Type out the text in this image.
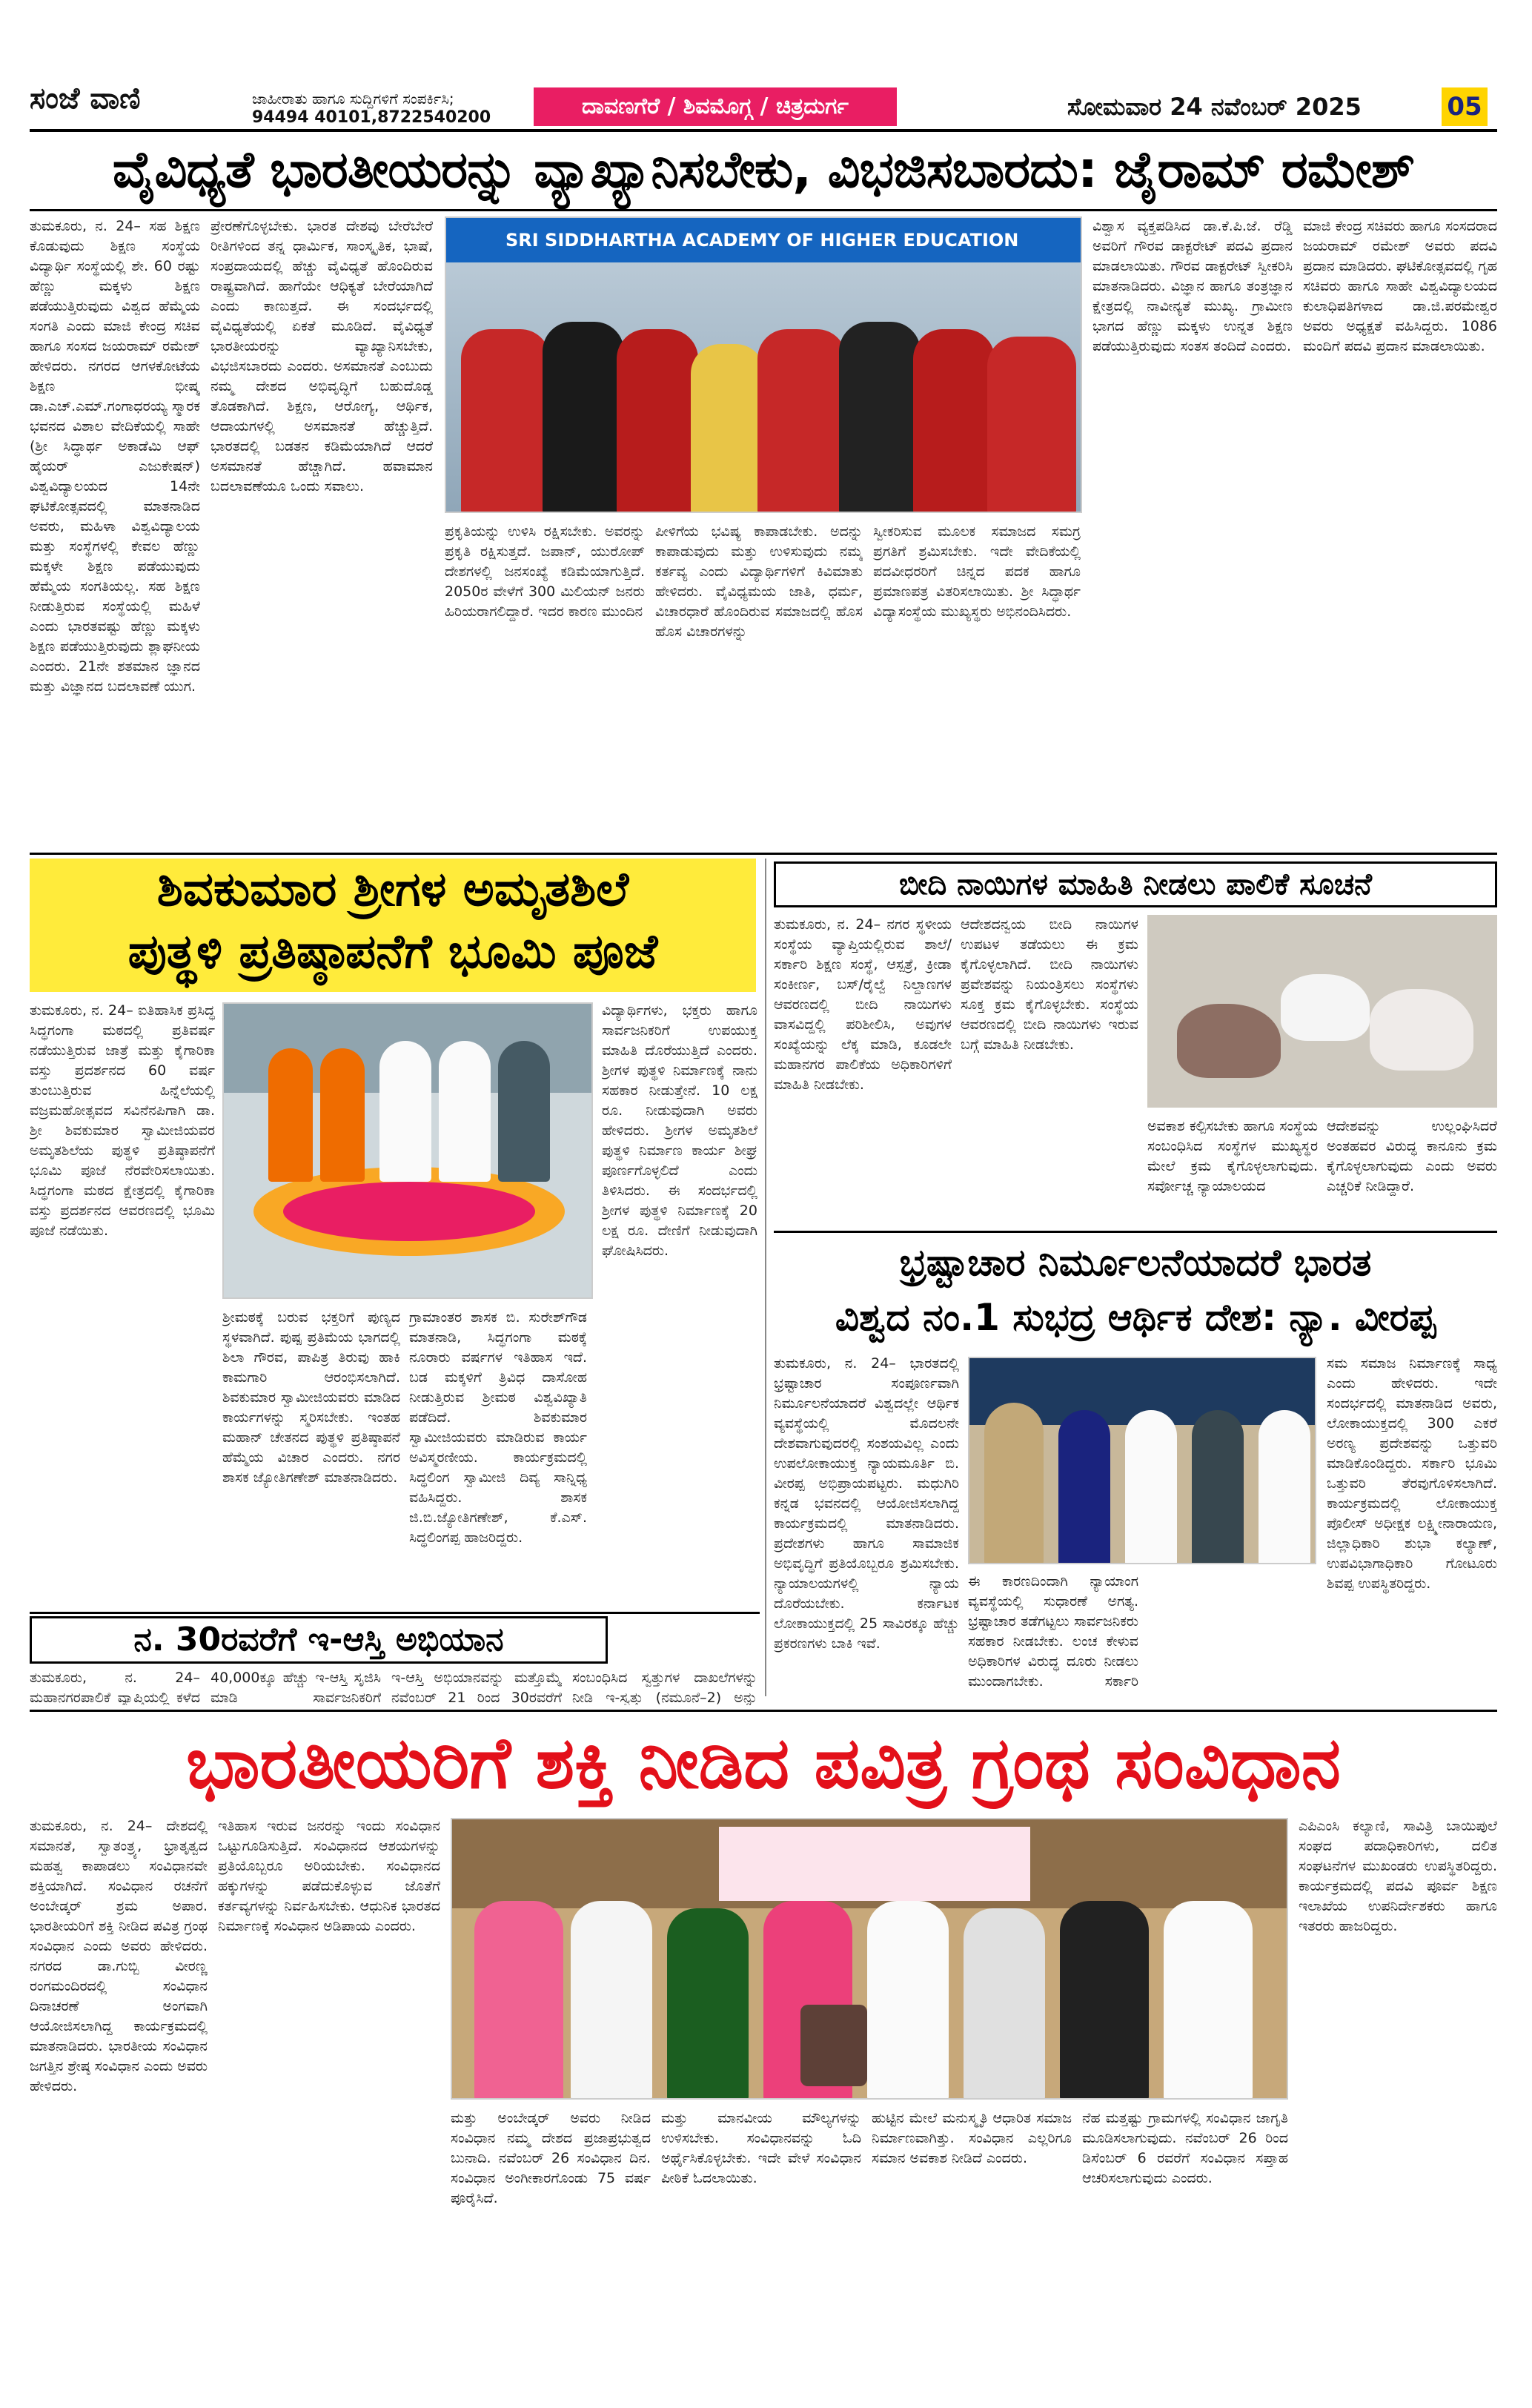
ಸಂಜೆ ವಾಣಿ	ಜಾಹೀರಾತು ಹಾಗೂ ಸುದ್ದಿಗಳಿಗೆ ಸಂಪರ್ಕಿಸಿ;
94494 40101,8722540200	ದಾವಣಗೆರೆ / ಶಿವಮೊಗ್ಗ / ಚಿತ್ರದುರ್ಗ	ಸೋಮವಾರ 24 ನವೆಂಬರ್ 2025	05
ವೈವಿಧ್ಯತೆ ಭಾರತೀಯರನ್ನು ವ್ಯಾಖ್ಯಾನಿಸಬೇಕು, ವಿಭಜಿಸಬಾರದು: ಜೈರಾಮ್ ರಮೇಶ್
ತುಮಕೂರು, ನ. 24– ಸಹ ಶಿಕ್ಷಣ ಕೊಡುವುದು ಶಿಕ್ಷಣ ಸಂಸ್ಥೆಯ ವಿದ್ಯಾರ್ಥಿ ಸಂಸ್ಥೆಯಲ್ಲಿ ಶೇ. 60 ರಷ್ಟು ಹೆಣ್ಣು ಮಕ್ಕಳು ಶಿಕ್ಷಣ ಪಡೆಯುತ್ತಿರುವುದು ವಿಶ್ವದ ಹೆಮ್ಮೆಯ ಸಂಗತಿ ಎಂದು ಮಾಜಿ ಕೇಂದ್ರ ಸಚಿವ ಹಾಗೂ ಸಂಸದ ಜಯರಾಮ್ ರಮೇಶ್ ಹೇಳಿದರು. ನಗರದ ಆಗಳಕೋಟೆಯ ಶಿಕ್ಷಣ ಭೀಷ್ಮ ಡಾ.ಎಚ್.ಎಮ್.ಗಂಗಾಧರಯ್ಯ ಸ್ಮಾರಕ ಭವನದ ವಿಶಾಲ ವೇದಿಕೆಯಲ್ಲಿ ಸಾಹೇ (ಶ್ರೀ ಸಿದ್ಧಾರ್ಥ ಅಕಾಡೆಮಿ ಆಫ್ ಹೈಯರ್ ಎಜುಕೇಷನ್) ವಿಶ್ವವಿದ್ಯಾಲಯದ 14ನೇ ಘಟಿಕೋತ್ಸವದಲ್ಲಿ ಮಾತನಾಡಿದ ಅವರು, ಮಹಿಳಾ ವಿಶ್ವವಿದ್ಯಾಲಯ ಮತ್ತು ಸಂಸ್ಥೆಗಳಲ್ಲಿ ಕೇವಲ ಹೆಣ್ಣು ಮಕ್ಕಳೇ ಶಿಕ್ಷಣ ಪಡೆಯುವುದು ಹೆಮ್ಮೆಯ ಸಂಗತಿಯಲ್ಲ. ಸಹ ಶಿಕ್ಷಣ ನೀಡುತ್ತಿರುವ ಸಂಸ್ಥೆಯಲ್ಲಿ ಮಹಿಳೆ ಎಂದು ಭಾರತವಷ್ಟು ಹೆಣ್ಣು ಮಕ್ಕಳು ಶಿಕ್ಷಣ ಪಡೆಯುತ್ತಿರುವುದು ಶ್ಲಾಘನೀಯ ಎಂದರು. 21ನೇ ಶತಮಾನ ಜ್ಞಾನದ ಮತ್ತು ವಿಜ್ಞಾನದ ಬದಲಾವಣೆ ಯುಗ.
ಪ್ರೇರಣೆಗೊಳ್ಳಬೇಕು. ಭಾರತ ದೇಶವು ಬೇರೆಬೇರೆ ರೀತಿಗಳಿಂದ ತನ್ನ ಧಾರ್ಮಿಕ, ಸಾಂಸ್ಕೃತಿಕ, ಭಾಷೆ, ಸಂಪ್ರದಾಯದಲ್ಲಿ ಹೆಚ್ಚು ವೈವಿಧ್ಯತೆ ಹೊಂದಿರುವ ರಾಷ್ಟ್ರವಾಗಿದೆ. ಹಾಗೆಯೇ ಆಧಿಕ್ಯತೆ ಬೇರೆಯಾಗಿದೆ ಎಂದು ಕಾಣುತ್ತದೆ. ಈ ಸಂದರ್ಭದಲ್ಲಿ ವೈವಿಧ್ಯತೆಯಲ್ಲಿ ಏಕತೆ ಮೂಡಿದೆ. ವೈವಿಧ್ಯತೆ ಭಾರತೀಯರನ್ನು ವ್ಯಾಖ್ಯಾನಿಸಬೇಕು, ವಿಭಜಿಸಬಾರದು ಎಂದರು. ಅಸಮಾನತೆ ಎಂಬುದು ನಮ್ಮ ದೇಶದ ಅಭಿವೃದ್ಧಿಗೆ ಬಹುದೊಡ್ಡ ತೊಡಕಾಗಿದೆ. ಶಿಕ್ಷಣ, ಆರೋಗ್ಯ, ಆರ್ಥಿಕ, ಆದಾಯಗಳಲ್ಲಿ ಅಸಮಾನತೆ ಹೆಚ್ಚುತ್ತಿದೆ. ಭಾರತದಲ್ಲಿ ಬಡತನ ಕಡಿಮೆಯಾಗಿದೆ ಆದರೆ ಅಸಮಾನತೆ ಹೆಚ್ಚಾಗಿದೆ. ಹವಾಮಾನ ಬದಲಾವಣೆಯೂ ಒಂದು ಸವಾಲು.
SRI SIDDHARTHA ACADEMY OF HIGHER EDUCATION
ಪ್ರಕೃತಿಯನ್ನು ಉಳಿಸಿ ರಕ್ಷಿಸಬೇಕು. ಅವರನ್ನು ಪ್ರಕೃತಿ ರಕ್ಷಿಸುತ್ತದೆ. ಜಪಾನ್, ಯುರೋಪ್ ದೇಶಗಳಲ್ಲಿ ಜನಸಂಖ್ಯೆ ಕಡಿಮೆಯಾಗುತ್ತಿದೆ. 2050ರ ವೇಳೆಗೆ 300 ಮಿಲಿಯನ್ ಜನರು ಹಿರಿಯರಾಗಲಿದ್ದಾರೆ. ಇದರ ಕಾರಣ ಮುಂದಿನ
ಪೀಳಿಗೆಯ ಭವಿಷ್ಯ ಕಾಪಾಡಬೇಕು. ಅದನ್ನು ಕಾಪಾಡುವುದು ಮತ್ತು ಉಳಿಸುವುದು ನಮ್ಮ ಕರ್ತವ್ಯ ಎಂದು ವಿದ್ಯಾರ್ಥಿಗಳಿಗೆ ಕಿವಿಮಾತು ಹೇಳಿದರು. ವೈವಿಧ್ಯಮಯ ಜಾತಿ, ಧರ್ಮ, ವಿಚಾರಧಾರೆ ಹೊಂದಿರುವ ಸಮಾಜದಲ್ಲಿ ಹೊಸ ಹೊಸ ವಿಚಾರಗಳನ್ನು
ಸ್ವೀಕರಿಸುವ ಮೂಲಕ ಸಮಾಜದ ಸಮಗ್ರ ಪ್ರಗತಿಗೆ ಶ್ರಮಿಸಬೇಕು. ಇದೇ ವೇದಿಕೆಯಲ್ಲಿ ಪದವೀಧರರಿಗೆ ಚಿನ್ನದ ಪದಕ ಹಾಗೂ ಪ್ರಮಾಣಪತ್ರ ವಿತರಿಸಲಾಯಿತು. ಶ್ರೀ ಸಿದ್ಧಾರ್ಥ ವಿದ್ಯಾಸಂಸ್ಥೆಯ ಮುಖ್ಯಸ್ಥರು ಅಭಿನಂದಿಸಿದರು.
ವಿಶ್ವಾಸ ವ್ಯಕ್ತಪಡಿಸಿದ ಡಾ.ಕೆ.ಪಿ.ಜೆ. ರೆಡ್ಡಿ ಅವರಿಗೆ ಗೌರವ ಡಾಕ್ಟರೇಟ್ ಪದವಿ ಪ್ರದಾನ ಮಾಡಲಾಯಿತು. ಗೌರವ ಡಾಕ್ಟರೇಟ್ ಸ್ವೀಕರಿಸಿ ಮಾತನಾಡಿದರು. ವಿಜ್ಞಾನ ಹಾಗೂ ತಂತ್ರಜ್ಞಾನ ಕ್ಷೇತ್ರದಲ್ಲಿ ನಾವೀನ್ಯತೆ ಮುಖ್ಯ. ಗ್ರಾಮೀಣ ಭಾಗದ ಹೆಣ್ಣು ಮಕ್ಕಳು ಉನ್ನತ ಶಿಕ್ಷಣ ಪಡೆಯುತ್ತಿರುವುದು ಸಂತಸ ತಂದಿದೆ ಎಂದರು.
ಮಾಜಿ ಕೇಂದ್ರ ಸಚಿವರು ಹಾಗೂ ಸಂಸದರಾದ ಜಯರಾಮ್ ರಮೇಶ್ ಅವರು ಪದವಿ ಪ್ರದಾನ ಮಾಡಿದರು. ಘಟಿಕೋತ್ಸವದಲ್ಲಿ ಗೃಹ ಸಚಿವರು ಹಾಗೂ ಸಾಹೇ ವಿಶ್ವವಿದ್ಯಾಲಯದ ಕುಲಾಧಿಪತಿಗಳಾದ ಡಾ.ಜಿ.ಪರಮೇಶ್ವರ ಅವರು ಅಧ್ಯಕ್ಷತೆ ವಹಿಸಿದ್ದರು. 1086 ಮಂದಿಗೆ ಪದವಿ ಪ್ರದಾನ ಮಾಡಲಾಯಿತು.
ಶಿವಕುಮಾರ ಶ್ರೀಗಳ ಅಮೃತಶಿಲೆ
ಪುತ್ಥಳಿ ಪ್ರತಿಷ್ಠಾಪನೆಗೆ ಭೂಮಿ ಪೂಜೆ
ತುಮಕೂರು, ನ. 24– ಐತಿಹಾಸಿಕ ಪ್ರಸಿದ್ಧ ಸಿದ್ಧಗಂಗಾ ಮಠದಲ್ಲಿ ಪ್ರತಿವರ್ಷ ನಡೆಯುತ್ತಿರುವ ಜಾತ್ರೆ ಮತ್ತು ಕೈಗಾರಿಕಾ ವಸ್ತು ಪ್ರದರ್ಶನದ 60 ವರ್ಷ ತುಂಬುತ್ತಿರುವ ಹಿನ್ನೆಲೆಯಲ್ಲಿ ವಜ್ರಮಹೋತ್ಸವದ ಸವಿನೆನಪಿಗಾಗಿ ಡಾ. ಶ್ರೀ ಶಿವಕುಮಾರ ಸ್ವಾಮೀಜಿಯವರ ಅಮೃತಶಿಲೆಯ ಪುತ್ಥಳಿ ಪ್ರತಿಷ್ಠಾಪನೆಗೆ ಭೂಮಿ ಪೂಜೆ ನೆರವೇರಿಸಲಾಯಿತು. ಸಿದ್ಧಗಂಗಾ ಮಠದ ಕ್ಷೇತ್ರದಲ್ಲಿ ಕೈಗಾರಿಕಾ ವಸ್ತು ಪ್ರದರ್ಶನದ ಆವರಣದಲ್ಲಿ ಭೂಮಿ ಪೂಜೆ ನಡೆಯಿತು.
ವಿದ್ಯಾರ್ಥಿಗಳು, ಭಕ್ತರು ಹಾಗೂ ಸಾರ್ವಜನಿಕರಿಗೆ ಉಪಯುಕ್ತ ಮಾಹಿತಿ ದೊರೆಯುತ್ತಿದೆ ಎಂದರು. ಶ್ರೀಗಳ ಪುತ್ಥಳಿ ನಿರ್ಮಾಣಕ್ಕೆ ನಾನು ಸಹಕಾರ ನೀಡುತ್ತೇನೆ. 10 ಲಕ್ಷ ರೂ. ನೀಡುವುದಾಗಿ ಅವರು ಹೇಳಿದರು. ಶ್ರೀಗಳ ಅಮೃತಶಿಲೆ ಪುತ್ಥಳಿ ನಿರ್ಮಾಣ ಕಾರ್ಯ ಶೀಘ್ರ ಪೂರ್ಣಗೊಳ್ಳಲಿದೆ ಎಂದು ತಿಳಿಸಿದರು. ಈ ಸಂದರ್ಭದಲ್ಲಿ ಶ್ರೀಗಳ ಪುತ್ಥಳಿ ನಿರ್ಮಾಣಕ್ಕೆ 20 ಲಕ್ಷ ರೂ. ದೇಣಿಗೆ ನೀಡುವುದಾಗಿ ಘೋಷಿಸಿದರು.
ಶ್ರೀಮಠಕ್ಕೆ ಬರುವ ಭಕ್ತರಿಗೆ ಪುಣ್ಯದ ಸ್ಥಳವಾಗಿದೆ. ಪುಷ್ಪ ಪ್ರತಿಮೆಯ ಭಾಗದಲ್ಲಿ ಶಿಲಾ ಗೌರವ, ಪಾಪಿತ್ರ ತಿರುವು ಹಾಕಿ ಕಾಮಗಾರಿ ಆರಂಭಿಸಲಾಗಿದೆ. ಶಿವಕುಮಾರ ಸ್ವಾಮೀಜಿಯವರು ಮಾಡಿದ ಕಾರ್ಯಗಳನ್ನು ಸ್ಮರಿಸಬೇಕು. ಇಂತಹ ಮಹಾನ್ ಚೇತನದ ಪುತ್ಥಳಿ ಪ್ರತಿಷ್ಠಾಪನೆ ಹೆಮ್ಮೆಯ ವಿಚಾರ ಎಂದರು. ನಗರ ಶಾಸಕ ಜ್ಯೋತಿಗಣೇಶ್ ಮಾತನಾಡಿದರು.
ಗ್ರಾಮಾಂತರ ಶಾಸಕ ಬಿ. ಸುರೇಶ್‌ಗೌಡ ಮಾತನಾಡಿ, ಸಿದ್ಧಗಂಗಾ ಮಠಕ್ಕೆ ನೂರಾರು ವರ್ಷಗಳ ಇತಿಹಾಸ ಇದೆ. ಬಡ ಮಕ್ಕಳಿಗೆ ತ್ರಿವಿಧ ದಾಸೋಹ ನೀಡುತ್ತಿರುವ ಶ್ರೀಮಠ ವಿಶ್ವವಿಖ್ಯಾತಿ ಪಡೆದಿದೆ. ಶಿವಕುಮಾರ ಸ್ವಾಮೀಜಿಯವರು ಮಾಡಿರುವ ಕಾರ್ಯ ಅವಿಸ್ಮರಣೀಯ. ಕಾರ್ಯಕ್ರಮದಲ್ಲಿ ಸಿದ್ಧಲಿಂಗ ಸ್ವಾಮೀಜಿ ದಿವ್ಯ ಸಾನ್ನಿಧ್ಯ ವಹಿಸಿದ್ದರು. ಶಾಸಕ ಜಿ.ಬಿ.ಜ್ಯೋತಿಗಣೇಶ್, ಕೆ.ಎಸ್. ಸಿದ್ಧಲಿಂಗಪ್ಪ ಹಾಜರಿದ್ದರು.
ಬೀದಿ ನಾಯಿಗಳ ಮಾಹಿತಿ ನೀಡಲು ಪಾಲಿಕೆ ಸೂಚನೆ
ತುಮಕೂರು, ನ. 24– ನಗರ ಸ್ಥಳೀಯ ಸಂಸ್ಥೆಯ ವ್ಯಾಪ್ತಿಯಲ್ಲಿರುವ ಶಾಲೆ/ಸರ್ಕಾರಿ ಶಿಕ್ಷಣ ಸಂಸ್ಥೆ, ಆಸ್ಪತ್ರೆ, ಕ್ರೀಡಾ ಸಂಕೀರ್ಣ, ಬಸ್/ರೈಲ್ವೆ ನಿಲ್ದಾಣಗಳ ಆವರಣದಲ್ಲಿ ಬೀದಿ ನಾಯಿಗಳು ವಾಸವಿದ್ದಲ್ಲಿ ಪರಿಶೀಲಿಸಿ, ಅವುಗಳ ಸಂಖ್ಯೆಯನ್ನು ಲೆಕ್ಕ ಮಾಡಿ, ಕೂಡಲೇ ಮಹಾನಗರ ಪಾಲಿಕೆಯ ಅಧಿಕಾರಿಗಳಿಗೆ ಮಾಹಿತಿ ನೀಡಬೇಕು.
ಆದೇಶದನ್ವಯ ಬೀದಿ ನಾಯಿಗಳ ಉಪಟಳ ತಡೆಯಲು ಈ ಕ್ರಮ ಕೈಗೊಳ್ಳಲಾಗಿದೆ. ಬೀದಿ ನಾಯಿಗಳು ಪ್ರವೇಶವನ್ನು ನಿಯಂತ್ರಿಸಲು ಸಂಸ್ಥೆಗಳು ಸೂಕ್ತ ಕ್ರಮ ಕೈಗೊಳ್ಳಬೇಕು. ಸಂಸ್ಥೆಯ ಆವರಣದಲ್ಲಿ ಬೀದಿ ನಾಯಿಗಳು ಇರುವ ಬಗ್ಗೆ ಮಾಹಿತಿ ನೀಡಬೇಕು.
ಅವಕಾಶ ಕಲ್ಪಿಸಬೇಕು ಹಾಗೂ ಸಂಸ್ಥೆಯ ಸಂಬಂಧಿಸಿದ ಸಂಸ್ಥೆಗಳ ಮುಖ್ಯಸ್ಥರ ಮೇಲೆ ಕ್ರಮ ಕೈಗೊಳ್ಳಲಾಗುವುದು. ಸರ್ವೋಚ್ಚ ನ್ಯಾಯಾಲಯದ
ಆದೇಶವನ್ನು ಉಲ್ಲಂಘಿಸಿದರೆ ಅಂತಹವರ ವಿರುದ್ಧ ಕಾನೂನು ಕ್ರಮ ಕೈಗೊಳ್ಳಲಾಗುವುದು ಎಂದು ಅವರು ಎಚ್ಚರಿಕೆ ನೀಡಿದ್ದಾರೆ.
ಭ್ರಷ್ಟಾಚಾರ ನಿರ್ಮೂಲನೆಯಾದರೆ ಭಾರತ
ವಿಶ್ವದ ನಂ.1 ಸುಭದ್ರ ಆರ್ಥಿಕ ದೇಶ: ನ್ಯಾ. ವೀರಪ್ಪ
ತುಮಕೂರು, ನ. 24– ಭಾರತದಲ್ಲಿ ಭ್ರಷ್ಟಾಚಾರ ಸಂಪೂರ್ಣವಾಗಿ ನಿರ್ಮೂಲನೆಯಾದರೆ ವಿಶ್ವದಲ್ಲೇ ಆರ್ಥಿಕ ವ್ಯವಸ್ಥೆಯಲ್ಲಿ ಮೊದಲನೇ ದೇಶವಾಗುವುದರಲ್ಲಿ ಸಂಶಯವಿಲ್ಲ ಎಂದು ಉಪಲೋಕಾಯುಕ್ತ ನ್ಯಾಯಮೂರ್ತಿ ಬಿ. ವೀರಪ್ಪ ಅಭಿಪ್ರಾಯಪಟ್ಟರು. ಮಧುಗಿರಿ ಕನ್ನಡ ಭವನದಲ್ಲಿ ಆಯೋಜಿಸಲಾಗಿದ್ದ ಕಾರ್ಯಕ್ರಮದಲ್ಲಿ ಮಾತನಾಡಿದರು. ಪ್ರದೇಶಗಳು ಹಾಗೂ ಸಾಮಾಜಿಕ ಅಭಿವೃದ್ಧಿಗೆ ಪ್ರತಿಯೊಬ್ಬರೂ ಶ್ರಮಿಸಬೇಕು. ನ್ಯಾಯಾಲಯಗಳಲ್ಲಿ ನ್ಯಾಯ ದೊರೆಯಬೇಕು. ಕರ್ನಾಟಕ ಲೋಕಾಯುಕ್ತದಲ್ಲಿ 25 ಸಾವಿರಕ್ಕೂ ಹೆಚ್ಚು ಪ್ರಕರಣಗಳು ಬಾಕಿ ಇವೆ.
ಈ ಕಾರಣದಿಂದಾಗಿ ನ್ಯಾಯಾಂಗ ವ್ಯವಸ್ಥೆಯಲ್ಲಿ ಸುಧಾರಣೆ ಅಗತ್ಯ. ಭ್ರಷ್ಟಾಚಾರ ತಡೆಗಟ್ಟಲು ಸಾರ್ವಜನಿಕರು ಸಹಕಾರ ನೀಡಬೇಕು. ಲಂಚ ಕೇಳುವ ಅಧಿಕಾರಿಗಳ ವಿರುದ್ಧ ದೂರು ನೀಡಲು ಮುಂದಾಗಬೇಕು. ಸರ್ಕಾರಿ
ಸಮ ಸಮಾಜ ನಿರ್ಮಾಣಕ್ಕೆ ಸಾಧ್ಯ ಎಂದು ಹೇಳಿದರು. ಇದೇ ಸಂದರ್ಭದಲ್ಲಿ ಮಾತನಾಡಿದ ಅವರು, ಲೋಕಾಯುಕ್ತದಲ್ಲಿ 300 ಎಕರೆ ಅರಣ್ಯ ಪ್ರದೇಶವನ್ನು ಒತ್ತುವರಿ ಮಾಡಿಕೊಂಡಿದ್ದರು. ಸರ್ಕಾರಿ ಭೂಮಿ ಒತ್ತುವರಿ ತೆರವುಗೊಳಿಸಲಾಗಿದೆ. ಕಾರ್ಯಕ್ರಮದಲ್ಲಿ ಲೋಕಾಯುಕ್ತ ಪೊಲೀಸ್ ಅಧೀಕ್ಷಕ ಲಕ್ಷ್ಮೀನಾರಾಯಣ, ಜಿಲ್ಲಾಧಿಕಾರಿ ಶುಭಾ ಕಲ್ಯಾಣ್, ಉಪವಿಭಾಗಾಧಿಕಾರಿ ಗೋಟೂರು ಶಿವಪ್ಪ ಉಪಸ್ಥಿತರಿದ್ದರು.
ನ. 30ರವರೆಗೆ ಇ-ಆಸ್ತಿ ಅಭಿಯಾನ
ತುಮಕೂರು, ನ. 24– ಮಹಾನಗರಪಾಲಿಕೆ ವ್ಯಾಪ್ತಿಯಲ್ಲಿ ಕಳೆದ
40,000ಕ್ಕೂ ಹೆಚ್ಚು ಇ-ಆಸ್ತಿ ಸೃಜಿಸಿ ಮಾಡಿ ಸಾರ್ವಜನಿಕರಿಗೆ
ಇ-ಆಸ್ತಿ ಅಭಿಯಾನವನ್ನು ಮತ್ತೊಮ್ಮೆ ನವೆಂಬರ್ 21 ರಿಂದ 30ರವರೆಗೆ
ಸಂಬಂಧಿಸಿದ ಸ್ವತ್ತುಗಳ ದಾಖಲೆಗಳನ್ನು ನೀಡಿ ಇ-ಸ್ವತ್ತು (ನಮೂನೆ–2) ಅನ್ನು
ಭಾರತೀಯರಿಗೆ ಶಕ್ತಿ ನೀಡಿದ ಪವಿತ್ರ ಗ್ರಂಥ ಸಂವಿಧಾನ
ತುಮಕೂರು, ನ. 24– ದೇಶದಲ್ಲಿ ಸಮಾನತೆ, ಸ್ವಾತಂತ್ರ್ಯ, ಭ್ರಾತೃತ್ವದ ಮಹತ್ವ ಕಾಪಾಡಲು ಸಂವಿಧಾನವೇ ಶಕ್ತಿಯಾಗಿದೆ. ಸಂವಿಧಾನ ರಚನೆಗೆ ಅಂಬೇಡ್ಕರ್ ಶ್ರಮ ಅಪಾರ. ಭಾರತೀಯರಿಗೆ ಶಕ್ತಿ ನೀಡಿದ ಪವಿತ್ರ ಗ್ರಂಥ ಸಂವಿಧಾನ ಎಂದು ಅವರು ಹೇಳಿದರು. ನಗರದ ಡಾ.ಗುಬ್ಬಿ ವೀರಣ್ಣ ರಂಗಮಂದಿರದಲ್ಲಿ ಸಂವಿಧಾನ ದಿನಾಚರಣೆ ಅಂಗವಾಗಿ ಆಯೋಜಿಸಲಾಗಿದ್ದ ಕಾರ್ಯಕ್ರಮದಲ್ಲಿ ಮಾತನಾಡಿದರು. ಭಾರತೀಯ ಸಂವಿಧಾನ ಜಗತ್ತಿನ ಶ್ರೇಷ್ಠ ಸಂವಿಧಾನ ಎಂದು ಅವರು ಹೇಳಿದರು.
ಇತಿಹಾಸ ಇರುವ ಜನರನ್ನು ಇಂದು ಸಂವಿಧಾನ ಒಟ್ಟುಗೂಡಿಸುತ್ತಿದೆ. ಸಂವಿಧಾನದ ಆಶಯಗಳನ್ನು ಪ್ರತಿಯೊಬ್ಬರೂ ಅರಿಯಬೇಕು. ಸಂವಿಧಾನದ ಹಕ್ಕುಗಳನ್ನು ಪಡೆದುಕೊಳ್ಳುವ ಜೊತೆಗೆ ಕರ್ತವ್ಯಗಳನ್ನು ನಿರ್ವಹಿಸಬೇಕು. ಆಧುನಿಕ ಭಾರತದ ನಿರ್ಮಾಣಕ್ಕೆ ಸಂವಿಧಾನ ಅಡಿಪಾಯ ಎಂದರು.
ಮತ್ತು ಅಂಬೇಡ್ಕರ್ ಅವರು ನೀಡಿದ ಸಂವಿಧಾನ ನಮ್ಮ ದೇಶದ ಪ್ರಜಾಪ್ರಭುತ್ವದ ಬುನಾದಿ. ನವೆಂಬರ್ 26 ಸಂವಿಧಾನ ದಿನ. ಸಂವಿಧಾನ ಅಂಗೀಕಾರಗೊಂಡು 75 ವರ್ಷ ಪೂರೈಸಿದೆ.
ಮತ್ತು ಮಾನವೀಯ ಮೌಲ್ಯಗಳನ್ನು ಉಳಿಸಬೇಕು. ಸಂವಿಧಾನವನ್ನು ಓದಿ ಅರ್ಥೈಸಿಕೊಳ್ಳಬೇಕು. ಇದೇ ವೇಳೆ ಸಂವಿಧಾನ ಪೀಠಿಕೆ ಓದಲಾಯಿತು.
ಹುಟ್ಟಿನ ಮೇಲೆ ಮನುಸ್ಮೃತಿ ಆಧಾರಿತ ಸಮಾಜ ನಿರ್ಮಾಣವಾಗಿತ್ತು. ಸಂವಿಧಾನ ಎಲ್ಲರಿಗೂ ಸಮಾನ ಅವಕಾಶ ನೀಡಿದೆ ಎಂದರು.
ನೆಹ ಮತ್ತಷ್ಟು ಗ್ರಾಮಗಳಲ್ಲಿ ಸಂವಿಧಾನ ಜಾಗೃತಿ ಮೂಡಿಸಲಾಗುವುದು. ನವೆಂಬರ್ 26 ರಿಂದ ಡಿಸೆಂಬರ್ 6 ರವರೆಗೆ ಸಂವಿಧಾನ ಸಪ್ತಾಹ ಆಚರಿಸಲಾಗುವುದು ಎಂದರು.
ಎಪಿಎಂಸಿ ಕಲ್ಯಾಣಿ, ಸಾವಿತ್ರಿ ಬಾಯಿಪುಲೆ ಸಂಘದ ಪದಾಧಿಕಾರಿಗಳು, ದಲಿತ ಸಂಘಟನೆಗಳ ಮುಖಂಡರು ಉಪಸ್ಥಿತರಿದ್ದರು. ಕಾರ್ಯಕ್ರಮದಲ್ಲಿ ಪದವಿ ಪೂರ್ವ ಶಿಕ್ಷಣ ಇಲಾಖೆಯ ಉಪನಿರ್ದೇಶಕರು ಹಾಗೂ ಇತರರು ಹಾಜರಿದ್ದರು.
